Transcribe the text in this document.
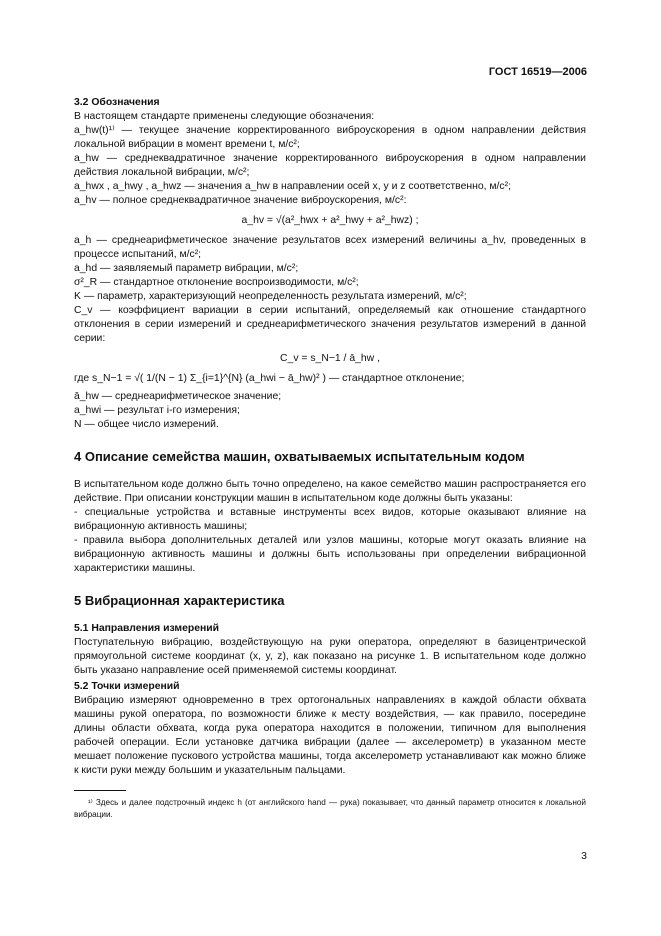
ГОСТ 16519—2006

3.2 Обозначения

В настоящем стандарте применены следующие обозначения:

a_hw(t)¹⁾ — текущее значение корректированного виброускорения в одном направлении действия локальной вибрации в момент времени t, м/с²;

a_hw — среднеквадратичное значение корректированного виброускорения в одном направлении действия локальной вибрации, м/с²;

a_hwx , a_hwy , a_hwz — значения a_hw в направлении осей x, y и z соответственно, м/с²;

a_hv — полное среднеквадратичное значение виброускорения, м/с²:

a_hv = √(a²_hwx + a²_hwy + a²_hwz) ;

a_h — среднеарифметическое значение результатов всех измерений величины a_hv, проведенных в процессе испытаний, м/с²;

a_hd — заявляемый параметр вибрации, м/с²;

σ²_R — стандартное отклонение воспроизводимости, м/с²;

K — параметр, характеризующий неопределенность результата измерений, м/с²;

C_v — коэффициент вариации в серии испытаний, определяемый как отношение стандартного отклонения в серии измерений и среднеарифметического значения результатов измерений в данной серии:

C_v = s_N−1 / ā_hw ,

где s_N−1 = √( 1/(N − 1) Σ_{i=1}^{N} (a_hwi − ā_hw)² ) — стандартное отклонение;

ā_hw — среднеарифметическое значение;

a_hwi — результат i-го измерения;

N — общее число измерений.

4 Описание семейства машин, охватываемых испытательным кодом

В испытательном коде должно быть точно определено, на какое семейство машин распространяется его действие. При описании конструкции машин в испытательном коде должны быть указаны:

- специальные устройства и вставные инструменты всех видов, которые оказывают влияние на вибрационную активность машины;

- правила выбора дополнительных деталей или узлов машины, которые могут оказать влияние на вибрационную активность машины и должны быть использованы при определении вибрационной характеристики машины.

5 Вибрационная характеристика

5.1 Направления измерений

Поступательную вибрацию, воздействующую на руки оператора, определяют в базицентрической прямоугольной системе координат (x, y, z), как показано на рисунке 1. В испытательном коде должно быть указано направление осей применяемой системы координат.

5.2 Точки измерений

Вибрацию измеряют одновременно в трех ортогональных направлениях в каждой области обхвата машины рукой оператора, по возможности ближе к месту воздействия, — как правило, посередине длины области обхвата, когда рука оператора находится в положении, типичном для выполнения рабочей операции. Если установке датчика вибрации (далее — акселерометр) в указанном месте мешает положение пускового устройства машины, тогда акселерометр устанавливают как можно ближе к кисти руки между большим и указательным пальцами.

¹⁾ Здесь и далее подстрочный индекс h (от английского hand — рука) показывает, что данный параметр относится к локальной вибрации.

3
